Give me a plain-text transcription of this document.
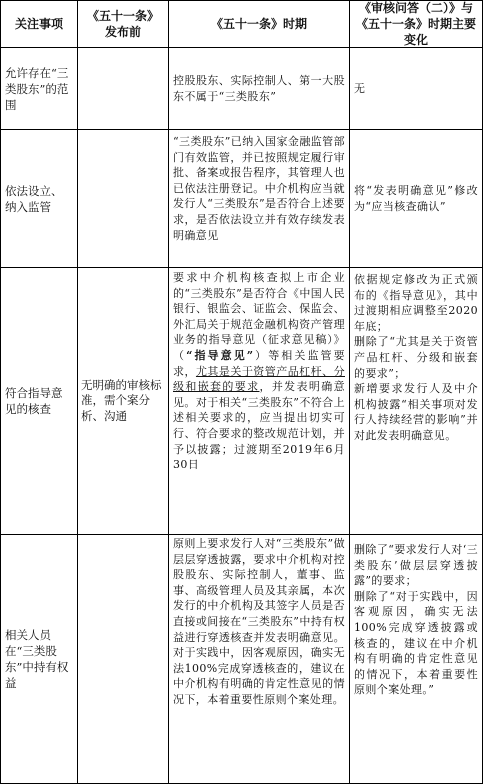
关注事项
《五十一条》发布前
《五十一条》时期
《审核问答（二）》与《五十一条》时期主要变化
允许存在“三类股东”的范围
控股股东、实际控制人、第一大股东不属于“三类股东”
无
依法设立、纳入监管
“三类股东”已纳入国家金融监管部门有效监管，并已按照规定履行审批、备案或报告程序，其管理人也已依法注册登记。中介机构应当就发行人“三类股东”是否符合上述要求，是否依法设立并有效存续发表明确意见
将“发表明确意见”修改为“应当核查确认”
符合指导意见的核查
无明确的审核标准，需个案分析、沟通
要求中介机构核查拟上市企业的“三类股东”是否符合《中国人民银行、银监会、证监会、保监会、外汇局关于规范金融机构资产管理业务的指导意见（征求意见稿）》（“指导意见”）等相关监管要求，尤其是关于资管产品杠杆、分级和嵌套的要求，并发表明确意见。对于相关“三类股东”不符合上述相关要求的，应当提出切实可行、符合要求的整改规范计划，并予以披露；过渡期至2019年6月30日
依据规定修改为正式颁布的《指导意见》，其中过渡期相应调整至2020年底；
删除了“尤其是关于资管产品杠杆、分级和嵌套的要求”；
新增要求发行人及中介机构披露“相关事项对发行人持续经营的影响”并对此发表明确意见。
相关人员在“三类股东”中持有权益
原则上要求发行人对“三类股东”做层层穿透披露，要求中介机构对控股股东、实际控制人，董事、监事、高级管理人员及其亲属，本次发行的中介机构及其签字人员是否直接或间接在“三类股东”中持有权益进行穿透核查并发表明确意见。对于实践中，因客观原因，确实无法100%完成穿透核查的，建议在中介机构有明确的肯定性意见的情况下，本着重要性原则个案处理。
删除了“要求发行人对‘三类股东’做层层穿透披露”的要求；
删除了“对于实践中，因客观原因，确实无法100%完成穿透披露或核查的，建议在中介机构有明确的肯定性意见的情况下，本着重要性原则个案处理。”
